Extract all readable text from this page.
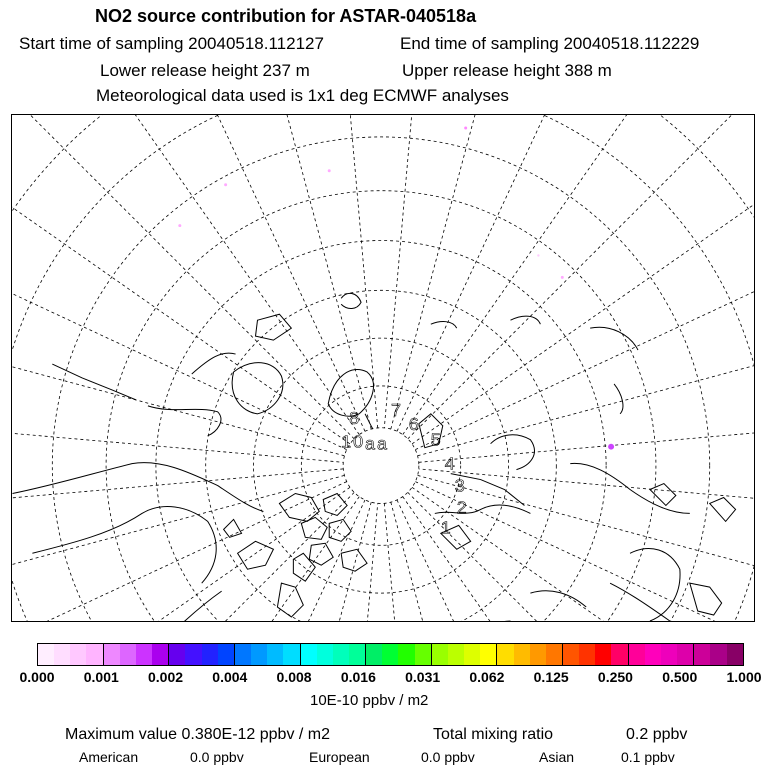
NO2 source contribution for ASTAR-040518a
Start time of sampling 20040518.112127	End time of sampling 20040518.112229
Lower release height 237 m	Upper release height 388 m
Meteorological data used is 1x1 deg ECMWF analyses
8 7
6
5
4
3
2
1
1 0 a a
0.000 0.001 0.002 0.004 0.008 0.016 0.031 0.062 0.125 0.250 0.500 1.000
10E-10 ppbv / m2
Maximum value 0.380E-12 ppbv / m2	Total mixing ratio	0.2 ppbv
American	0.0 ppbv	European	0.0 ppbv	Asian	0.1 ppbv
